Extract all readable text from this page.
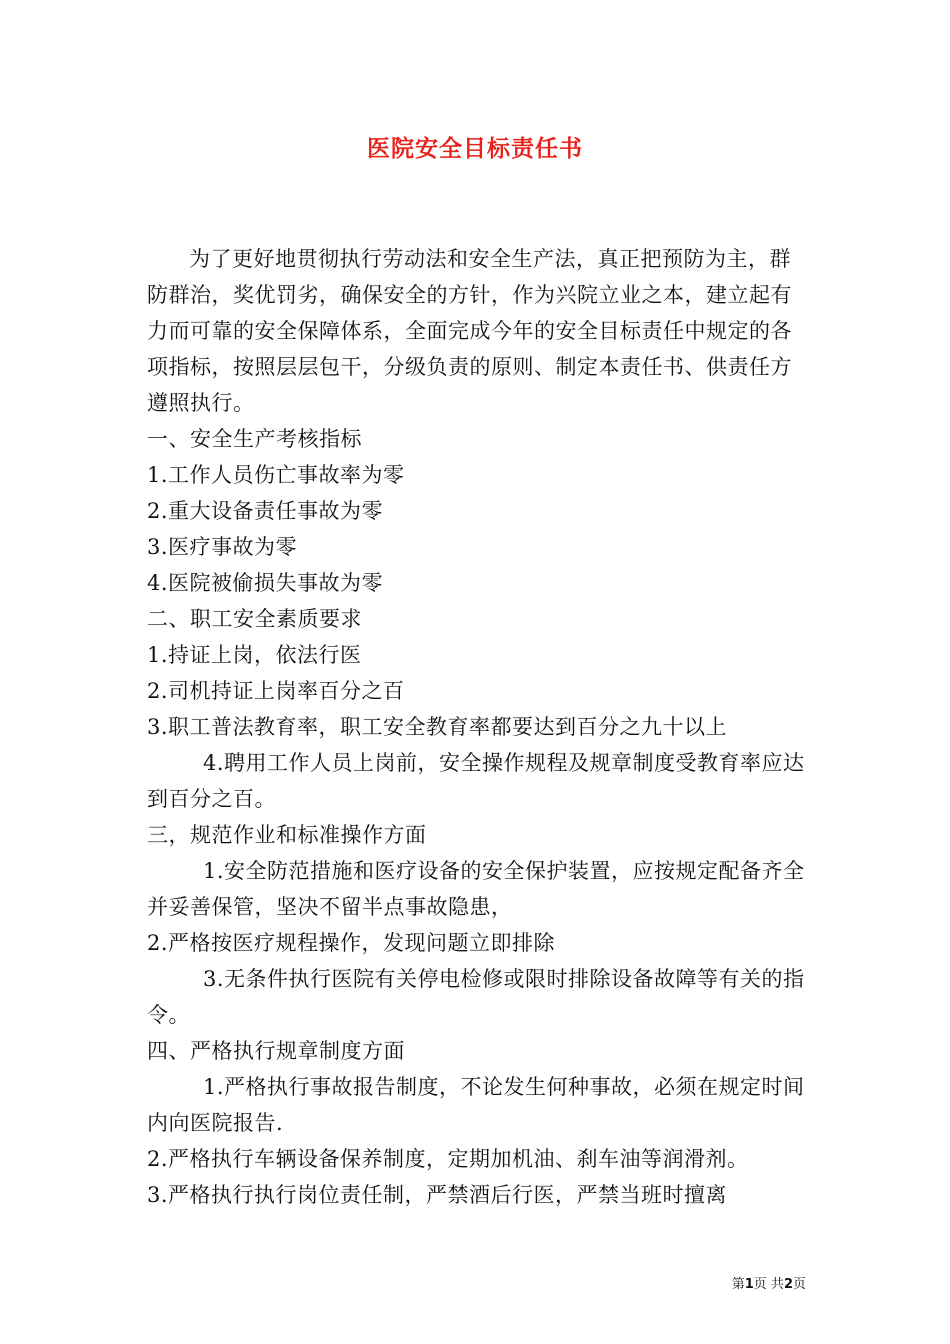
医院安全目标责任书

为了更好地贯彻执行劳动法和安全生产法，真正把预防为主，群防群治，奖优罚劣，确保安全的方针，作为兴院立业之本，建立起有力而可靠的安全保障体系，全面完成今年的安全目标责任中规定的各项指标，按照层层包干，分级负责的原则、制定本责任书、供责任方遵照执行。

一、安全生产考核指标

1.工作人员伤亡事故率为零

2.重大设备责任事故为零

3.医疗事故为零

4.医院被偷损失事故为零

二、职工安全素质要求

1.持证上岗，依法行医

2.司机持证上岗率百分之百

3.职工普法教育率，职工安全教育率都要达到百分之九十以上

4.聘用工作人员上岗前，安全操作规程及规章制度受教育率应达到百分之百。

三，规范作业和标准操作方面

1.安全防范措施和医疗设备的安全保护装置，应按规定配备齐全并妥善保管，坚决不留半点事故隐患，

2.严格按医疗规程操作，发现问题立即排除

3.无条件执行医院有关停电检修或限时排除设备故障等有关的指令。

四、严格执行规章制度方面

1.严格执行事故报告制度，不论发生何种事故，必须在规定时间内向医院报告.

2.严格执行车辆设备保养制度，定期加机油、刹车油等润滑剂。

3.严格执行执行岗位责任制，严禁酒后行医，严禁当班时擅离

第1页 共2页
